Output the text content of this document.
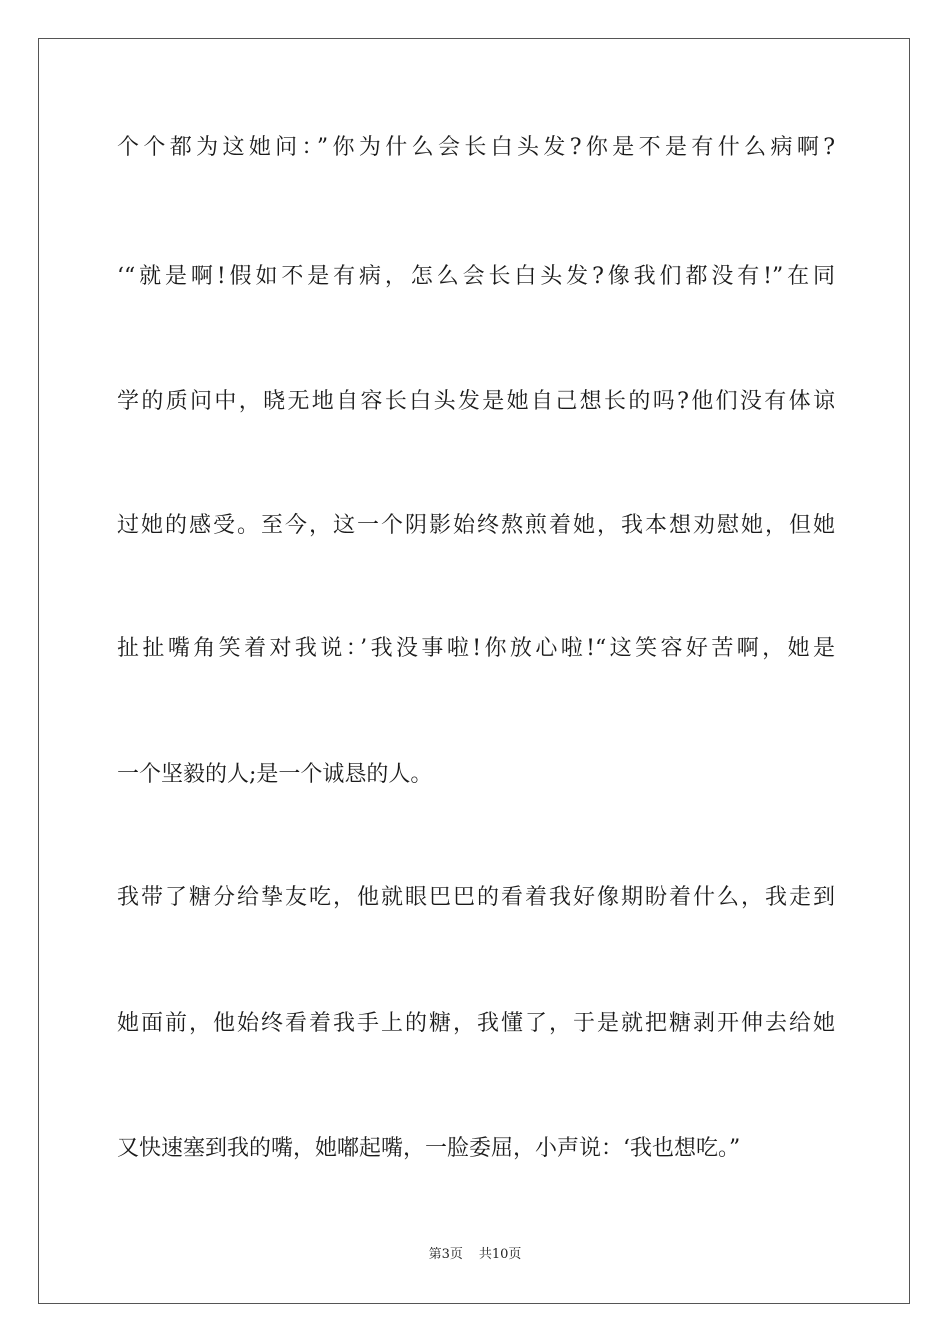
个个都为这她问：”你为什么会长白头发?你是不是有什么病啊?
‘“就是啊!假如不是有病，怎么会长白头发?像我们都没有!”在同
学的质问中，晓无地自容长白头发是她自己想长的吗?他们没有体谅
过她的感受。至今，这一个阴影始终熬煎着她，我本想劝慰她，但她
扯扯嘴角笑着对我说：’我没事啦!你放心啦!“这笑容好苦啊，她是
一个坚毅的人;是一个诚恳的人。
我带了糖分给挚友吃，他就眼巴巴的看着我好像期盼着什么，我走到
她面前，他始终看着我手上的糖，我懂了，于是就把糖剥开伸去给她
又快速塞到我的嘴，她嘟起嘴，一脸委屈，小声说：‘我也想吃。”
第3页 共10页
